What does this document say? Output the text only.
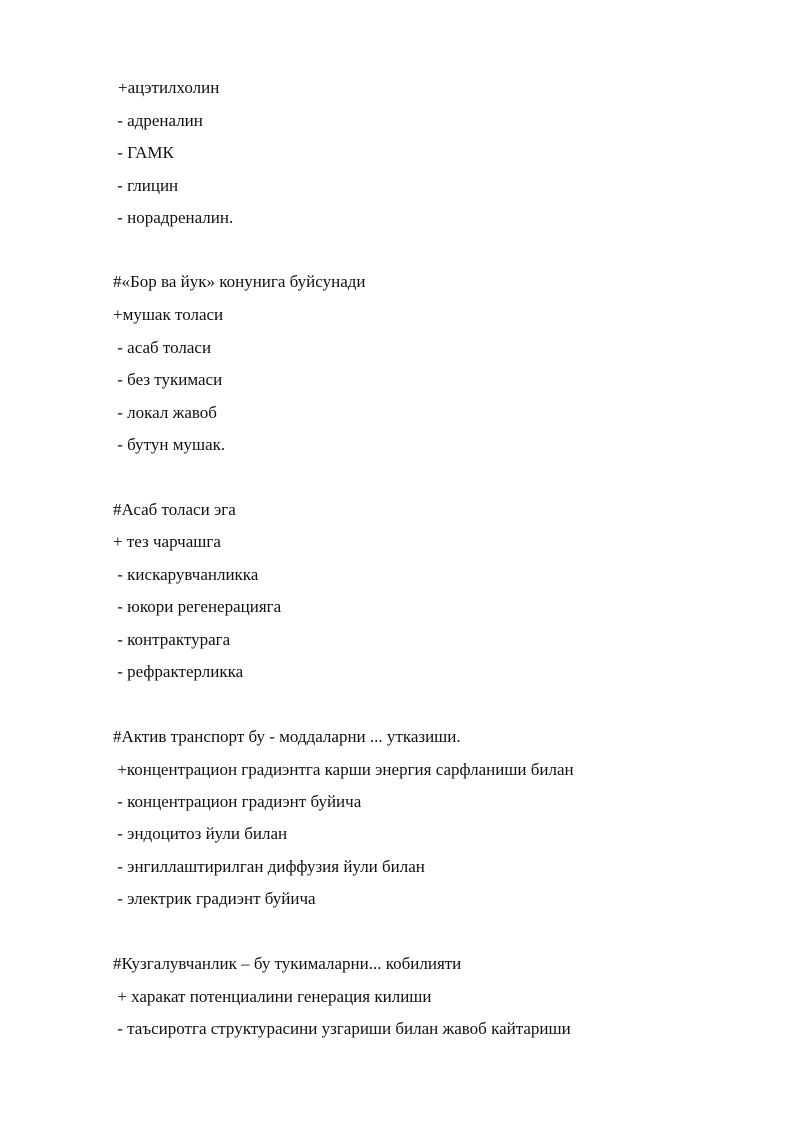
+ацэтилхолин
- адреналин
- ГАМК
- глицин
- норадреналин.
#«Бор ва йук» конунига буйсунади
+мушак толаси
- асаб толаси
- без тукимаси
- локал жавоб
- бутун мушак.
#Асаб толаси эга
+ тез чарчашга
- кискарувчанликка
- юкори регенерацияга
- контрактурага
- рефрактерликка
#Актив транспорт бу - моддаларни ... утказиши.
+концентрацион градиэнтга карши энергия сарфланиши билан
- концентрацион градиэнт буйича
- эндоцитоз йули билан
- энгиллаштирилган диффузия йули билан
- электрик градиэнт буйича
#Кузгалувчанлик – бу тукималарни... кобилияти
+ харакат потенциалини генерация килиши
- таъсиротга структурасини узгариши билан жавоб кайтариши
